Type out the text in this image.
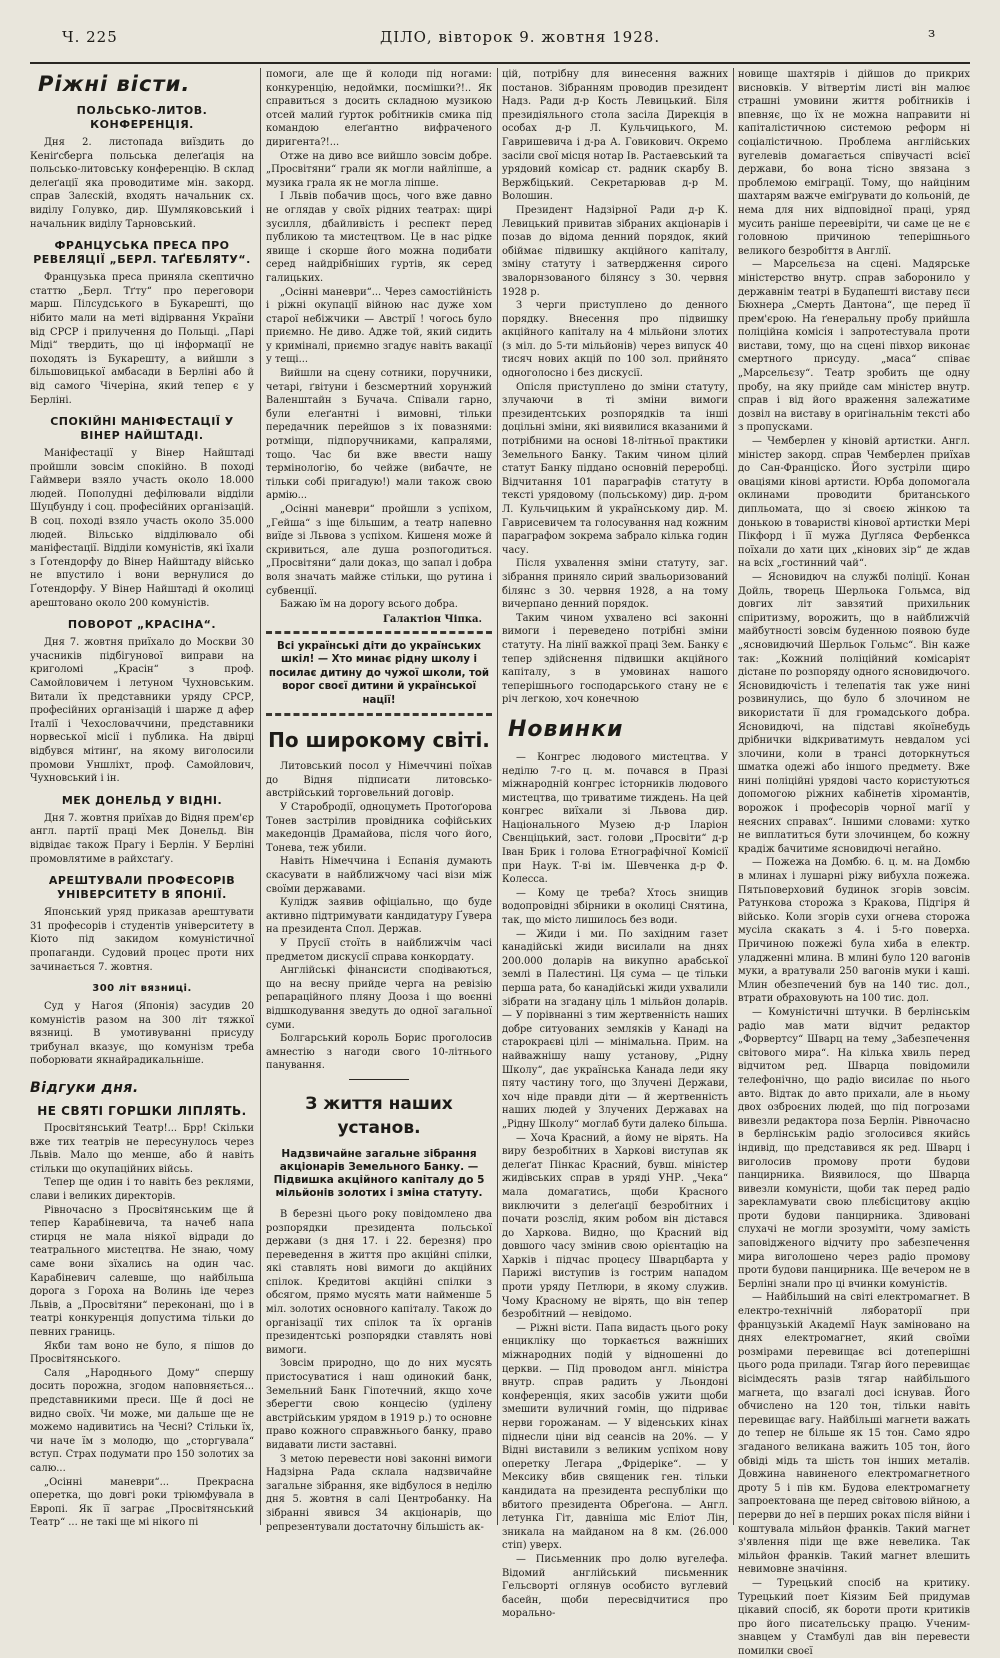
Ч. 225	ДІЛО, вівторок 9. жовтня 1928.	з
Ріжні вісти.
ПОЛЬСЬКО-ЛИТОВ. КОНФЕРЕНЦІЯ.

Дня 2. листопада виїздить до Кеніґсберга польська делеґація на польсько-литовську конференцію. В склад делеґації яка проводитиме мін. закорд. справ Залєскій, входять начальник сх. виділу Голувко, дир. Шумляковський і начальник виділу Тарновський.

ФРАНЦУСЬКА ПРЕСА ПРО РЕВЕЛЯЦІЇ „БЕРЛ. ТАҐЕБЛЯТУ“.

Французька преса приняла скептично статтю „Берл. Тґту“ про переговори марш. Пілсудського в Букарешті, що нібито мали на меті відірвання України від СРСР і прилучення до Польщі. „Парі Міді“ твердить, що ці інформації не походять із Букарешту, а вийшли з більшовицької амбасади в Берліні або й від самого Чічеріна, який тепер є у Берліні.

СПОКІЙНІ МАНІФЕСТАЦІЇ У ВІНЕР НАЙШТАДІ.

Маніфестації у Вінер Найштаді пройшли зовсім спокійно. В поході Гаймвери взяло участь около 18.000 людей. Пополудні дефілювали відділи Шуцбунду і соц. професійних організацій. В соц. поході взяло участь около 35.000 людей. Вільсько відділювало обі маніфестації. Відділи комуністів, які їхали з Ґотендорфу до Вінер Найштаду військо не впустило і вони вернулися до Ґотендорфу. У Вінер Найштаді й околиці арештовано около 200 комуністів.

ПОВОРОТ „КРАСІНА“.

Дня 7. жовтня приїхало до Москви 30 учасників підбігунової виправи на криголомі „Красін“ з проф. Самойловичем і летуном Чухновським. Витали їх представники уряду СРСР, професійних організацій і шарже д афер Італії і Чехословаччини, представники норвеської місії і публика. На двірці відбувся мітинґ, на якому виголосили промови Уншліхт, проф. Самойлович, Чухновський і ін.

МЕК ДОНЕЛЬД У ВІДНІ.

Дня 7. жовтня приїхав до Відня прем'єр англ. партії праці Мек Донельд. Він відвідає також Прагу і Берлін. У Берліні промовлятиме в райхстаґу.

АРЕШТУВАЛИ ПРОФЕСОРІВ УНІВЕРСИТЕТУ В ЯПОНІЇ.

Японський уряд приказав арештувати 31 професорів і студентів університету в Кіото під закидом комуністичної пропаганди. Судовий процес проти них зачинається 7. жовтня.

300 літ вязниці.

Суд у Нагоя (Японія) засудив 20 комуністів разом на 300 літ тяжкої вязниці. В умотивуванні присуду трибунал вказує, що комунізм треба поборювати якнайрадикальніше.

Відгуки дня.
НЕ СВЯТІ ГОРШКИ ЛІПЛЯТЬ.

Просвітянський Театр!... Брр! Скільки вже тих театрів не пересунулось через Львів. Мало що менше, або й навіть стільки що окупаційних війсьь.

Тепер ще один і то навіть без реклями, слави і великих директорів.

Рівночасно з Просвітянським ще й тепер Карабіневича, та начеб напа стирця не мала ніякої відради до театрального мистецтва. Не знаю, чому саме вони зїхались на один час. Карабіневич салевше, що найбільша дорога з Гороха на Волинь іде через Львів, а „Просвітяни“ переконані, що і в театрі конкуренція допустима тільки до певних границь.

Якби там воно не було, я пішов до Просвітянського.

Саля „Народнього Дому“ спершу досить порожна, згодом наповняється... представникими преси. Ще й досі не видно своїх. Чи може, ми дальше ще не можемо надивитись на Чесні? Стільки їх, чи наче їм з молодю, що „сторгувала“ вступ. Страх подумати про 150 золотих за салю...

„Осінні маневри“... Прекрасна оперетка, що довгі роки тріюмфувала в Европі. Як її заграє „Просвітянський Театр“ ... не такі ще мі нікого пі

помоги, але ще й колоди під ногами: конкуренцію, недоймки, посмішки?!.. Як справиться з досить складною музикою отсей малий ґурток робітників смика під командою елеґантно вифраченого диригента?!...

Отже на диво все вийшло зовсім добре. „Просвітяни“ грали як могли найліпше, а музика грала як не могла ліпше.

І Львів побачив щось, чого вже давно не оглядав у своїх рідних театрах: щирі зусилля, дбайливість і респект перед публикою та мистецтвом. Це в нас рідке явище і скорше його можна подибати серед найдрібніших гуртів, як серед галицьких.

„Осінні маневри“... Через самостійність і ріжні окупації війною нас дуже хом старої небіжчики — Австрії ! чогось було приємно. Не диво. Адже той, який сидить у криміналі, приємно згадує навіть вакації у тещі...

Вийшли на сцену сотники, поручники, четарі, ґвітуни і безсмертний хорунжий Валенштайн з Бучача. Співали гарно, були елеґантні і вимовні, тільки передачник перейшов з іх повазнями: ротміщи, підпоручниками, капралями, тощо. Час би вже ввести нашу термінологію, бо чейже (вибачте, не тільки собі пригадую!) мали також свою армію...

„Осінні маневри“ пройшли з успіхом, „Гейша“ з іще більшим, а театр напевно виїде зі Львова з успіхом. Кишеня може й скривиться, але душа розпогодиться. „Просвітяни“ дали доказ, що запал і добра воля значать майже стільки, що рутина і субвенції.

Бажаю їм на дорогу всього добра.

Галактіон Чіпка.
Всі українські діти до українських шкіл! — Хто минає рідну школу і посилає дитину до чужої школи, той ворог своєї дитини й української нації!
По широкому світі.

Литовський посол у Німеччині поїхав до Відня підписати литовсько-австрійський торговельний договір.

У Старобродії, одноцуметь Протоґорова Тонев застрілив провідника софійських македонців Драмайова, після чого його, Тонева, теж убили.

Навіть Німеччина і Еспанія думають скасувати в найближчому часі візи між своїми державами.

Кулідж заявив офіціально, що буде активно підтримувати кандидатуру Ґувера на президента Спол. Держав.

У Прусії стоїть в найближчім часі предметом дискусії справа конкордату.

Англійські фінансисти сподіваються, що на весну прийде черга на ревізію репараційного пляну Дооза і що воєнні відшкодування зведуть до одної загальної суми.

Болгарський король Борис проголосив амнестію з нагоди свого 10-літнього панування.

З життя наших установ.
Надзвичайне загальне зібрання акціонарів Земельного Банку. — Підвишка акційного капіталу до 5 мільйонів золотих і зміна статуту.

В березні цього року повідомлено два розпорядки президента польської держави (з дня 17. і 22. березня) про переведення в життя про акційні спілки, які ставлять нові вимоги до акційних спілок. Кредитові акційні спілки з обсягом, прямо мусять мати найменше 5 міл. золотих основного капіталу. Також до організації тих спілок та їх органів президентські розпорядки ставлять нові вимоги.

Зовсім природно, що до них мусять пристосуватися і наш одинокий банк, Земельний Банк Гіпотечний, якщо хоче зберегти свою концесію (уділену австрійським урядом в 1919 р.) то основне право кожного справжнього банку, право видавати листи заставні.

З метою перевести нові законні вимоги Надзірна Рада склала надзвичайне загальне зібрання, яке відбулося в неділю дня 5. жовтня в салі Центробанку. На зібранні явився 34 акціонарів, що репрезентували достаточну більшість ак-

цій, потрібну для винесення важних постанов. Зібранням проводив президент Надз. Ради д-р Кость Левицький. Біля президіяльного стола засіла Дирекція в особах д-р Л. Кульчицького, М. Гавришевича і д-ра А. Говикович. Окремо засіли свої місця нотар Ів. Растаевський та урядовий комісар ст. радник скарбу В. Вержбіцький. Секретарював д-р М. Волошин.

Президент Надзірної Ради д-р К. Левицький привитав зібраних акціонарів і позав до відома денний порядок, який обіймає підвишку акційного капіталу, зміну статуту і затвердження сирого звалорнзованого білянсу з 30. червня 1928 р.

З черги приступлено до денного порядку. Внесення про підвишку акційного капіталу на 4 мільйони злотих (з міл. до 5-ти мільйонів) через випуск 40 тисяч нових акцій по 100 зол. прийнято одноголосно і без дискусії.

Опісля приступлено до зміни статуту, злучаючи в ті зміни вимоги президентських розпорядків та інші доцільні зміни, які виявилися вказаними й потрібними на основі 18-літньої практики Земельного Банку. Таким чином цілий статут Банку піддано основній переробці. Відчитання 101 параграфів статуту в тексті урядовому (польському) дир. д-ром Л. Кульчицьким й українському дир. М. Гавриcевичем та голосування над кожним параграфом зокрема забрало кілька годин часу.

Після ухвалення зміни статуту, заг. зібрання приняло сирий звальоризований білянс з 30. червня 1928, а на тому вичерпано денний порядок.

Таким чином ухвалено всі законні вимоги і переведено потрібні зміни статуту. На лінії важкої праці Зем. Банку є тепер здійснення підвишки акційного капіталу, з в умовинах нашого теперішнього господарського стану не є річ легкою, хоч конечною

Новинки

— Конгрес людового мистецтва. У неділю 7-го ц. м. почався в Празі міжнародній конгрес історників людового мистецтва, що триватиме тиждень. На цей конгрес виїхали зі Львова дир. Національного Музею д-р Іларіон Свєнціцький, заст. голови „Просвіти“ д-р Іван Брик і голова Етнографічної Комісії при Наук. Т-ві ім. Шевченка д-р Ф. Колесса.

— Кому це треба? Хтось знищив водопровідні збірники в околиці Снятина, так, що місто лишилось без води.

— Жиди і ми. По західним газет канадійські жиди висилали на днях 200.000 доларів на викупно арабської землі в Палестині. Ця сума — це тільки перша рата, бо канадійські жиди ухвалили зібрати на згадану ціль 1 мільйон доларів. — У порівнанні з тим жертвенність наших добре ситуованих земляків у Канаді на старокраєві цілі — мінімальна. Прим. на найважнішу нашу установу, „Рідну Школу“, дає українська Канада леди яку пяту частину того, що Злучені Держави, хоч ніде правди діти — й жертвенність наших людей у Злучених Державах на „Рідну Школу“ моглаб бути далеко більша.

— Хоча Красний, а йому не вірять. На виру безробітних в Харкові виступав як делеґат Пінкас Красний, бувш. міністер жидівських справ в уряді УНР. „Чека“ мала домагатись, щоби Красного виключити з делеґації безробітних і почати розслід, яким робом він дістався до Харкова. Видно, що Красний від довшого часу змінив свою орієнтацію на Харків і підчас процесу Шварцбарта у Парижі виступив із гострим нападом проти уряду Петлюри, в якому служив. Чому Красному не вірять, що він тепер безробітний — невідомо.

— Ріжні вісти. Папа видасть цього року енцикліку що торкається важніших міжнародних подій у відношенні до церкви. — Під проводом англ. міністра внутр. справ радить у Льондоні конференція, яких засобів ужити щоби змешити вуличний гомін, що підриває нерви горожанам. — У віденських кінах піднесли ціни від сеансів на 20%. — У Відні виставили з великим успіхом нову оперетку Легара „Фрідеріке“. — У Мексику вбив священик ген. тільки кандидата на президента республіки що вбитого президента Обреґона. — Англ. летунка Гіт, давніша міс Еліот Лін, зникала на майданом на 8 км. (26.000 стіп) уверх.

— Письменник про долю вугелефа. Відомий англійський письменник Гельсворті оглянув особисто вуглевий басейн, щоби пересвідчитися про морально-

новище шахтярів і дійшов до прикрих висновків. У вітвертім листі він малює страшні умовини життя робітників і впевняє, що їх не можна направити ні капіталістичною системою реформ ні соціалістичною. Проблема англійських вугелевів домагається співучасті всієї держави, бо вона тісно звязана з проблемою еміграції. Тому, що найціним шахтарям важче еміґрувати до кольоній, де нема для них відповідної праці, уряд мусить раніше переевіріти, чи саме це не є головною причиною теперішнього великого безробіття в Англії.

— Марсельєза на сцені. Мадярське міністерство внутр. справ заборонило у державнім театрі в Будапешті виставу пєси Бюхнера „Смерть Дантона“, ще перед її прем'єрою. На ґенеральну пробу прийшла поліційна комісія і запротестувала проти вистави, тому, що на сцені півхор виконає смертного присуду. „маса“ співає „Марсельєзу“. Театр зробить ще одну пробу, на яку прийде сам міністер внутр. справ і від його враження залежатиме дозвіл на виставу в оригінальнім тексті або з пропусками.

— Чемберлен у кіновій артистки. Англ. міністер закорд. справ Чемберлен приїхав до Сан-Франціско. Його зустріли щиро оваціями кінові артисти. Юрба допомогала оклинами проводити британського дипльомата, що зі своєю жінкою та донькою в товаристві кінової артистки Мері Пікфорд і її мужа Дуґляса Фербенкса поїхали до хати цих „кінових зір“ де ждав на всіх „гостинний чай“.

— Ясновидюч на службі поліції. Конан Дойль, творець Шерльока Гольмса, від довгих літ завзятий прихильник спіритизму, ворожить, що в найближчій майбутності зовсім буденною появою буде „ясновидючий Шерльок Гольмс“. Він каже так: „Кожний поліційний комісаріят дістане по розпоряду одного ясновидючого. Ясновидючість і телепатія так уже нині розвинулись, що було б злочином не використати її для громадського добра. Ясновидючі, на підставі якоїнебудь дрібнички відкриватимуть невдалом усі злочини, коли в трансі доторкнуться шматка одежі або іншого предмету. Вже нині поліційні урядові часто користуються допомогою ріжних кабінетів хіромантів, ворожок і професорів чорної магії у неясних справах“. Іншими словами: хутко не виплатиться бути злочинцем, бо кожну крадіж бачитиме ясновидючі негайно.

— Пожежа на Домбю. 6. ц. м. на Домбю в млинах і лушарні ріжу вибухла пожежа. Пятьповерховий будинок згорів зовсім. Ратункова сторожа з Кракова, Підгіря й військо. Коли згорів сухи огнева сторожа мусіла скакать з 4. і 5-го поверха. Причиною пожежі була хиба в електр. уладженні млина. В млині було 120 вагонів муки, а вратували 250 вагонів муки і каші. Млин обезпечений був на 140 тис. дол., втрати обраховують на 100 тис. дол.

— Комуністичні штучки. В берлінськім радіо мав мати відчит редактор „Форвертсу“ Шварц на тему „Забезпечення світового мира“. На кілька хвиль перед відчитом ред. Шварца повідомили телефонічно, що радіо висилає по нього авто. Відтак до авто прихали, але в ньому двох озброєних людей, що під погрозами вивезли редактора поза Берлін. Рівночасно в берлінськім радіо зголосився якийсь індивід, що представився як ред. Шварц і виголосив промову проти будови панцирника. Виявилося, що Шварца вивезли комуністи, щоби так перед радіо зарекламувати свою плєбісцитову акцію проти будови панцирника. Здивовані слухачі не могли зрозуміти, чому замість заповідженого відчиту про забезпечення мира виголошено через радіо промову проти будови панцирника. Ще вечером не в Берліні знали про ці вчинки комуністів.

— Найбільший на світі електромагнет. В електро-технічній лябораторії при французькій Академії Наук заміновано на днях електромагнет, який своїми розмірами перевищає всі дотеперішні цього рода прилади. Тягар його перевищає вісімдесять разів тягар найбільшого магнета, що взагалі досі існував. Його обчислено на 120 тон, тільки навіть перевищає вагу. Найбільші магнети важать до тепер не більше як 15 тон. Само ядро згаданого великана важить 105 тон, його обвіді мідь та шість тон інших металів. Довжина навиненого електромагнетного дроту 5 і пів км. Будова електромагнету запроектована ще перед світовою війною, а перерви до неї в перших роках після війни і коштувала мільйон франків. Такий магнет з'явлення піди ще вже невелика. Так мільйон франків. Такий магнет влешить невимовне значіння.

— Турецький спосіб на критику. Турецький поет Кіязим Бей придумав цікавий спосіб, як бороти проти критиків про його писательську працю. Ученим-знавцем у Стамбулі дав він перевести помилки своєї
